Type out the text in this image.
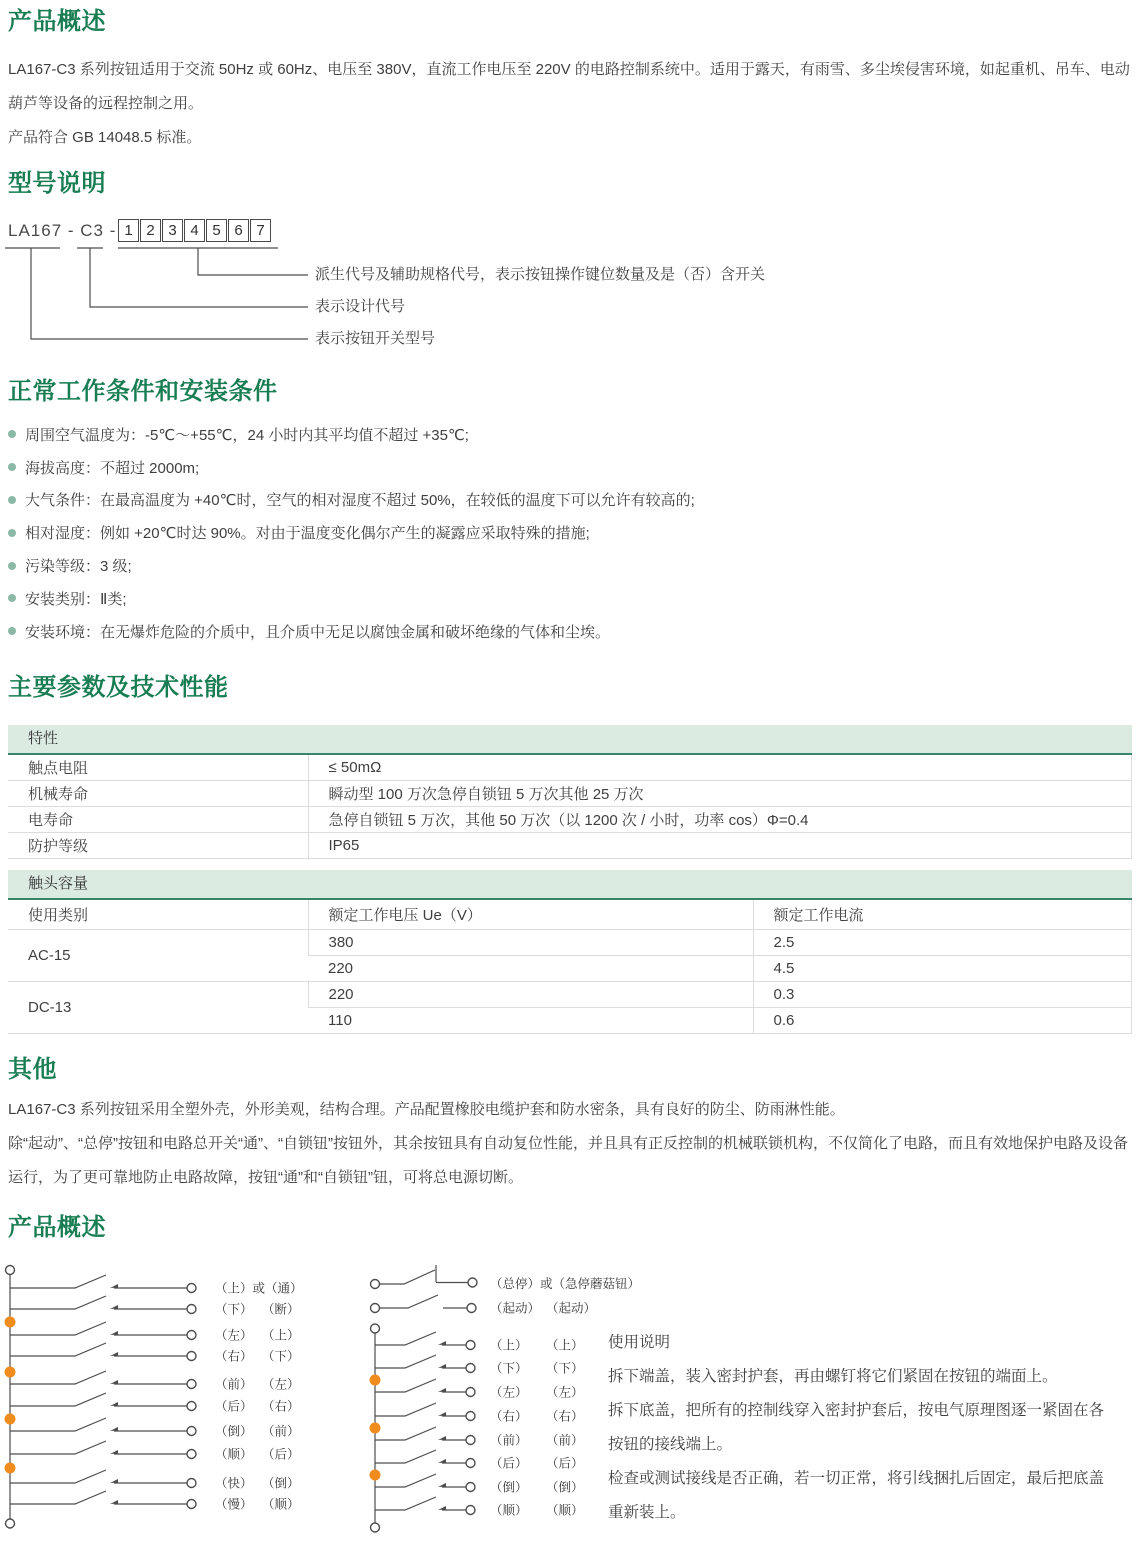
产品概述

LA167-C3 系列按钮适用于交流 50Hz 或 60Hz、电压至 380V，直流工作电压至 220V 的电路控制系统中。适用于露天，有雨雪、多尘埃侵害环境，如起重机、吊车、电动葫芦等设备的远程控制之用。

产品符合 GB 14048.5 标准。

型号说明
LA167 - C3 - 1 2 3 4 5 6 7
派生代号及辅助规格代号，表示按钮操作键位数量及是（否）含开关
表示设计代号
表示按钮开关型号
正常工作条件和安装条件
周围空气温度为：-5℃～+55℃，24 小时内其平均值不超过 +35℃;
海拔高度：不超过 2000m;
大气条件：在最高温度为 +40℃时，空气的相对湿度不超过 50%，在较低的温度下可以允许有较高的;
相对湿度：例如 +20℃时达 90%。对由于温度变化偶尔产生的凝露应采取特殊的措施;
污染等级：3 级;
安装类别：Ⅱ类;
安装环境：在无爆炸危险的介质中，且介质中无足以腐蚀金属和破坏绝缘的气体和尘埃。
主要参数及技术性能
特性
触点电阻	≤ 50mΩ
机械寿命	瞬动型 100 万次急停自锁钮 5 万次其他 25 万次
电寿命	急停自锁钮 5 万次，其他 50 万次（以 1200 次 / 小时，功率 cos）Φ=0.4
防护等级	IP65
触头容量
使用类别	额定工作电压 Ue（V）	额定工作电流
AC-15	380	2.5
	220	4.5
DC-13	220	0.3
	110	0.6
其他

LA167-C3 系列按钮采用全塑外壳，外形美观，结构合理。产品配置橡胶电缆护套和防水密条，具有良好的防尘、防雨淋性能。

除“起动”、“总停”按钮和电路总开关“通”、“自锁钮”按钮外，其余按钮具有自动复位性能，并且具有正反控制的机械联锁机构，不仅简化了电路，而且有效地保护电路及设备运行，为了更可靠地防止电路故障，按钮“通”和“自锁钮”钮，可将总电源切断。

产品概述
（上）或（通）
（下） （断）
（左） （上）
（右） （下）
（前） （左）
（后） （右）
（倒） （前）
（顺） （后）
（快） （倒）
（慢） （顺）
（总停）或（急停蘑菇钮）
（起动） （起动）
（上） （上）
（下） （下）
（左） （左）
（右） （右）
（前） （前）
（后） （后）
（倒） （倒）
（顺） （顺）

使用说明

拆下端盖，装入密封护套，再由螺钉将它们紧固在按钮的端面上。

拆下底盖，把所有的控制线穿入密封护套后，按电气原理图逐一紧固在各按钮的接线端上。

检查或测试接线是否正确，若一切正常，将引线捆扎后固定，最后把底盖重新装上。
